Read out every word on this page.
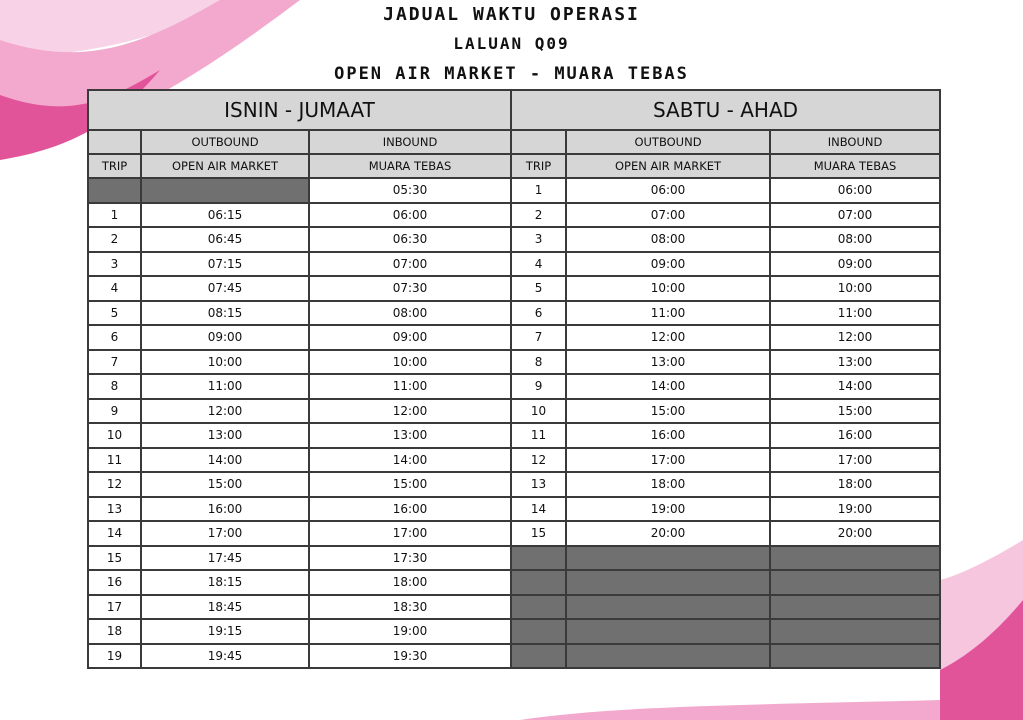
JADUAL WAKTU OPERASI
LALUAN Q09
OPEN AIR MARKET - MUARA TEBAS
ISNIN - JUMAAT			SABTU - AHAD		
	OUTBOUND	INBOUND		OUTBOUND	INBOUND
TRIP	OPEN AIR MARKET	MUARA TEBAS	TRIP	OPEN AIR MARKET	MUARA TEBAS
		05:30	1	06:00	06:00
1	06:15	06:00	2	07:00	07:00
2	06:45	06:30	3	08:00	08:00
3	07:15	07:00	4	09:00	09:00
4	07:45	07:30	5	10:00	10:00
5	08:15	08:00	6	11:00	11:00
6	09:00	09:00	7	12:00	12:00
7	10:00	10:00	8	13:00	13:00
8	11:00	11:00	9	14:00	14:00
9	12:00	12:00	10	15:00	15:00
10	13:00	13:00	11	16:00	16:00
11	14:00	14:00	12	17:00	17:00
12	15:00	15:00	13	18:00	18:00
13	16:00	16:00	14	19:00	19:00
14	17:00	17:00	15	20:00	20:00
15	17:45	17:30			
16	18:15	18:00			
17	18:45	18:30			
18	19:15	19:00			
19	19:45	19:30			
